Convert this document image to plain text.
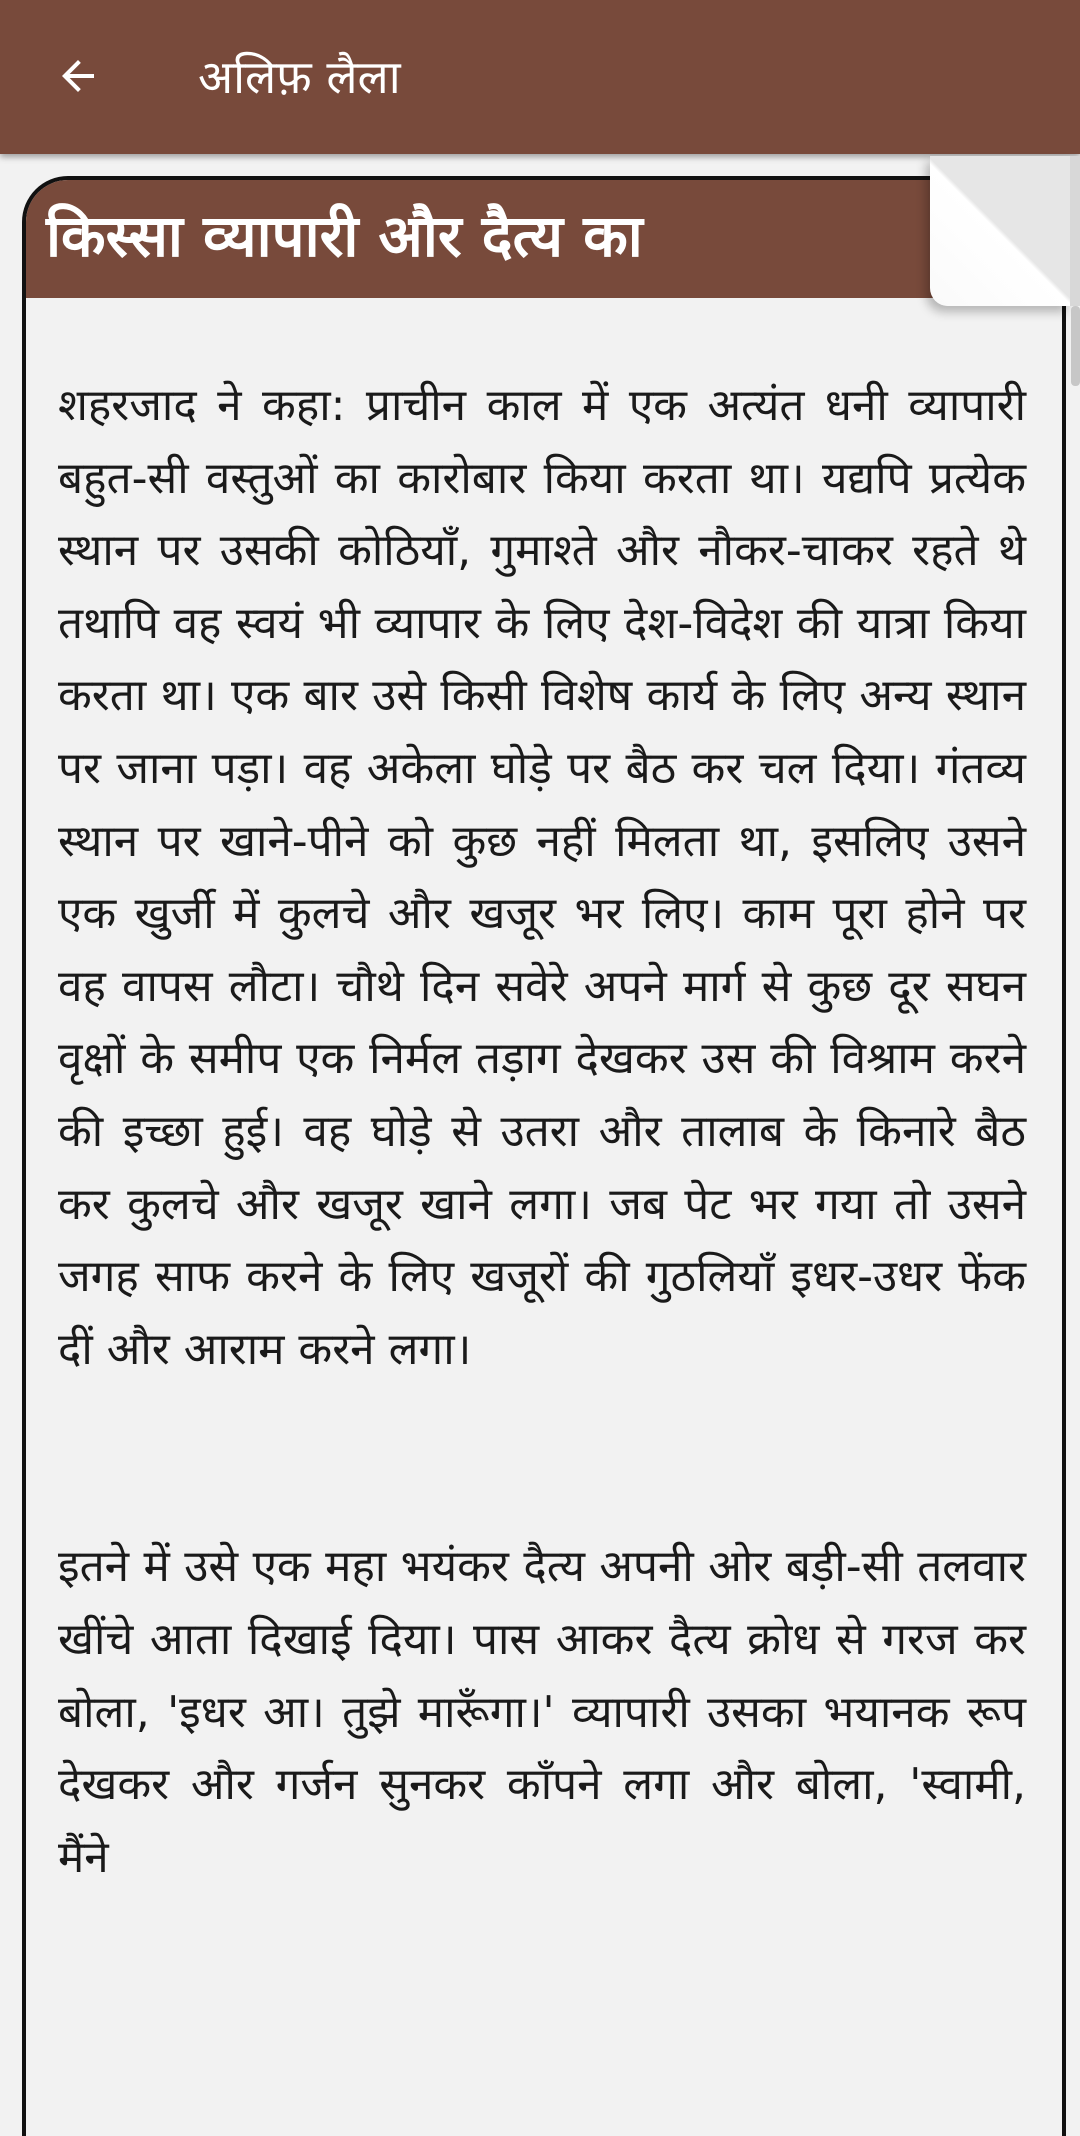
अलिफ़ लैला
किस्सा व्यापारी और दैत्य का

शहरजाद ने कहा: प्राचीन काल में एक अत्यंत धनी व्यापारी बहुत-सी वस्तुओं का कारोबार किया करता था। यद्यपि प्रत्येक स्थान पर उसकी कोठियाँ, गुमाश्ते और नौकर-चाकर रहते थे तथापि वह स्वयं भी व्यापार के लिए देश-विदेश की यात्रा किया करता था। एक बार उसे किसी विशेष कार्य के लिए अन्य स्थान पर जाना पड़ा। वह अकेला घोड़े पर बैठ कर चल दिया। गंतव्य स्थान पर खाने-पीने को कुछ नहीं मिलता था, इसलिए उसने एक खुर्जी में कुलचे और खजूर भर लिए। काम पूरा होने पर वह वापस लौटा। चौथे दिन सवेरे अपने मार्ग से कुछ दूर सघन वृक्षों के समीप एक निर्मल तड़ाग देखकर उस की विश्राम करने की इच्छा हुई। वह घोड़े से उतरा और तालाब के किनारे बैठ कर कुलचे और खजूर खाने लगा। जब पेट भर गया तो उसने जगह साफ करने के लिए खजूरों की गुठलियाँ इधर-उधर फेंक दीं और आराम करने लगा।

इतने में उसे एक महा भयंकर दैत्य अपनी ओर बड़ी-सी तलवार खींचे आता दिखाई दिया। पास आकर दैत्य क्रोध से गरज कर बोला, 'इधर आ। तुझे मारूँगा।' व्यापारी उसका भयानक रूप देखकर और गर्जन सुनकर काँपने लगा और बोला, 'स्वामी, मैंने
